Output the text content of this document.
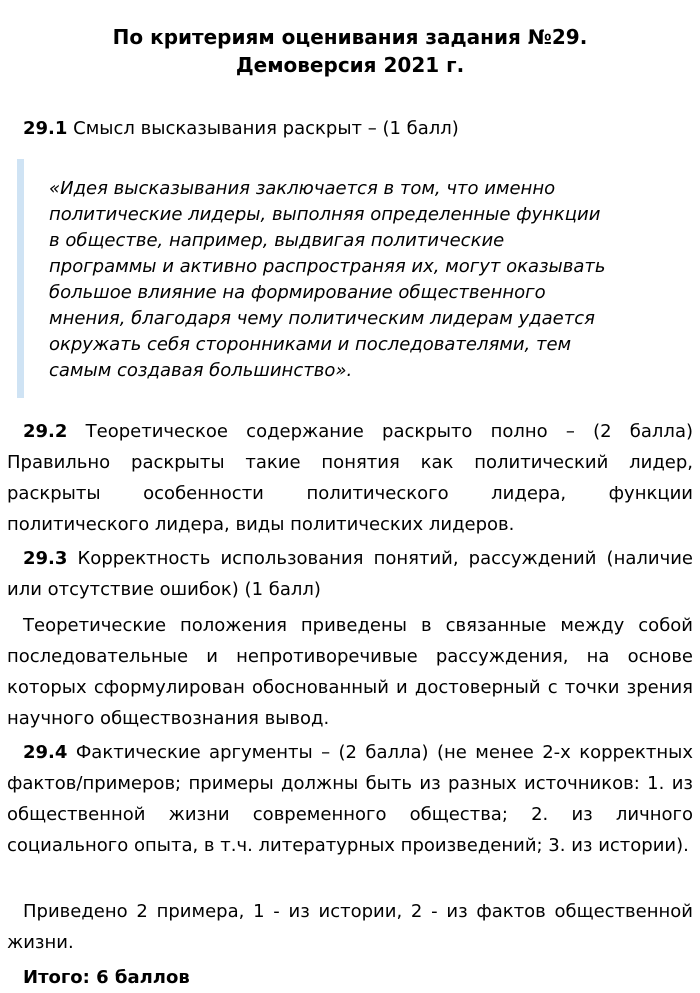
По критериям оценивания задания №29.
Демоверсия 2021 г.

29.1 Смысл высказывания раскрыт – (1 балл)

«Идея высказывания заключается в том, что именно
политические лидеры, выполняя определенные функции
в обществе, например, выдвигая политические
программы и активно распространяя их, могут оказывать
большое влияние на формирование общественного
мнения, благодаря чему политическим лидерам удается
окружать себя сторонниками и последователями, тем
самым создавая большинство».

29.2 Теоретическое содержание раскрыто полно – (2 балла) Правильно раскрыты такие понятия как политический лидер, раскрыты особенности политического лидера, функции политического лидера, виды политических лидеров.

29.3 Корректность использования понятий, рассуждений (наличие или отсутствие ошибок) (1 балл)

Теоретические положения приведены в связанные между собой последовательные и непротиворечивые рассуждения, на основе которых сформулирован обоснованный и достоверный с точки зрения научного обществознания вывод.

29.4 Фактические аргументы – (2 балла) (не менее 2-х корректных фактов/примеров; примеры должны быть из разных источников: 1. из общественной жизни современного общества; 2. из личного социального опыта, в т.ч. литературных произведений; 3. из истории).

Приведено 2 примера, 1 - из истории, 2 - из фактов общественной жизни.

Итого: 6 баллов
